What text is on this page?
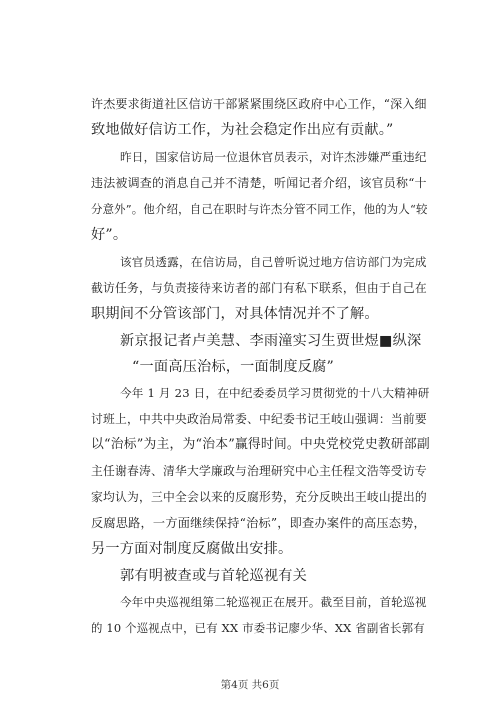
许杰要求街道社区信访干部紧紧围绕区政府中心工作，“深入细
致地做好信访工作，为社会稳定作出应有贡献。”
昨日，国家信访局一位退休官员表示，对许杰涉嫌严重违纪
违法被调查的消息自己并不清楚，听闻记者介绍，该官员称“十
分意外”。他介绍，自己在职时与许杰分管不同工作，他的为人“较
好”。
该官员透露，在信访局，自己曾听说过地方信访部门为完成
截访任务，与负责接待来访者的部门有私下联系，但由于自己在
职期间不分管该部门，对具体情况并不了解。
新京报记者卢美慧、李雨潼实习生贾世煜■纵深
“一面高压治标，一面制度反腐”
今年 1 月 23 日，在中纪委委员学习贯彻党的十八大精神研
讨班上，中共中央政治局常委、中纪委书记王岐山强调：当前要
以“治标”为主，为“治本”赢得时间。中央党校党史教研部副
主任谢春涛、清华大学廉政与治理研究中心主任程文浩等受访专
家均认为，三中全会以来的反腐形势，充分反映出王岐山提出的
反腐思路，一方面继续保持“治标”，即查办案件的高压态势，
另一方面对制度反腐做出安排。
郭有明被查或与首轮巡视有关
今年中央巡视组第二轮巡视正在展开。截至目前，首轮巡视
的 10 个巡视点中，已有 XX 市委书记廖少华、XX 省副省长郭有
第4页 共6页
